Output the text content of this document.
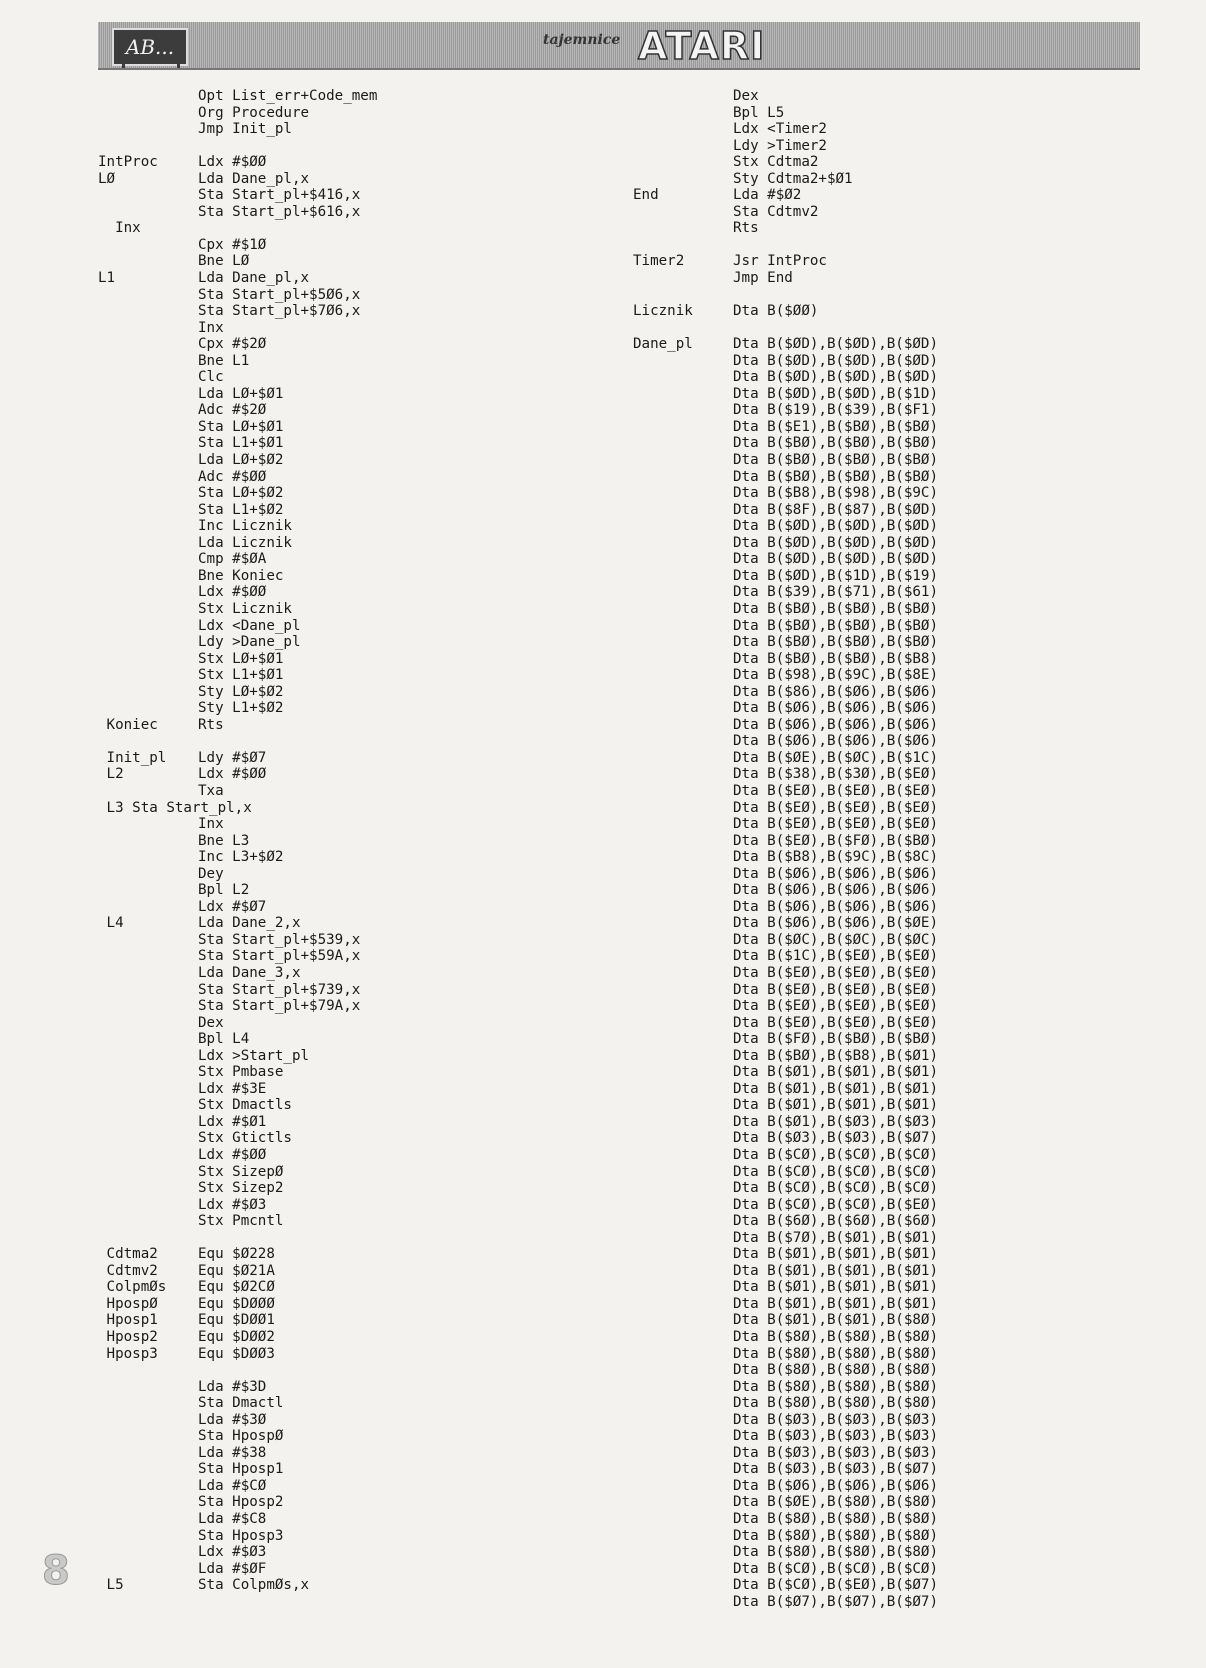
AB...	tajemnice ATARI
Opt List_err+Code_mem
Org Procedure
Jmp Init_pl
IntProc	Ldx #$ØØ
LØ	Lda Dane_pl,x
Sta Start_pl+$416,x
Sta Start_pl+$616,x
Inx
Cpx #$1Ø
Bne LØ
L1	Lda Dane_pl,x
Sta Start_pl+$5Ø6,x
Sta Start_pl+$7Ø6,x
Inx
Cpx #$2Ø
Bne L1
Clc
Lda LØ+$Ø1
Adc #$2Ø
Sta LØ+$Ø1
Sta L1+$Ø1
Lda LØ+$Ø2
Adc #$ØØ
Sta LØ+$Ø2
Sta L1+$Ø2
Inc Licznik
Lda Licznik
Cmp #$ØA
Bne Koniec
Ldx #$ØØ
Stx Licznik
Ldx <Dane_pl
Ldy >Dane_pl
Stx LØ+$Ø1
Stx L1+$Ø1
Sty LØ+$Ø2
Sty L1+$Ø2
Koniec	Rts
Init_pl Ldy #$Ø7
L2	Ldx #$ØØ
Txa
L3 Sta Start_pl,x
Inx
Bne L3
Inc L3+$Ø2
Dey
Bpl L2
Ldx #$Ø7
L4	Lda Dane_2,x
Sta Start_pl+$539,x
Sta Start_pl+$59A,x
Lda Dane_3,x
Sta Start_pl+$739,x
Sta Start_pl+$79A,x
Dex
Bpl L4
Ldx >Start_pl
Stx Pmbase
Ldx #$3E
Stx Dmactls
Ldx #$Ø1
Stx Gtictls
Ldx #$ØØ
Stx SizepØ
Stx Sizep2
Ldx #$Ø3
Stx Pmcntl
Cdtma2	Equ $Ø228
Cdtmv2	Equ $Ø21A
ColpmØs Equ $Ø2CØ
HpospØ	Equ $DØØØ
Hposp1	Equ $DØØ1
Hposp2	Equ $DØØ2
Hposp3	Equ $DØØ3
Lda #$3D
Sta Dmactl
Lda #$3Ø
Sta HpospØ
Lda #$38
Sta Hposp1
Lda #$CØ
Sta Hposp2
Lda #$C8
Sta Hposp3
Ldx #$Ø3
Lda #$ØF
L5	Sta ColpmØs,x
Dex
Bpl L5
Ldx <Timer2
Ldy >Timer2
Stx Cdtma2
Sty Cdtma2+$Ø1
End	Lda #$Ø2
Sta Cdtmv2
Rts
Timer2	Jsr IntProc
Jmp End
Licznik	Dta B($ØØ)
Dane_pl	Dta B($ØD),B($ØD),B($ØD)
Dta B($ØD),B($ØD),B($ØD)
Dta B($ØD),B($ØD),B($ØD)
Dta B($ØD),B($ØD),B($1D)
Dta B($19),B($39),B($F1)
Dta B($E1),B($BØ),B($BØ)
Dta B($BØ),B($BØ),B($BØ)
Dta B($BØ),B($BØ),B($BØ)
Dta B($BØ),B($BØ),B($BØ)
Dta B($B8),B($98),B($9C)
Dta B($8F),B($87),B($ØD)
Dta B($ØD),B($ØD),B($ØD)
Dta B($ØD),B($ØD),B($ØD)
Dta B($ØD),B($ØD),B($ØD)
Dta B($ØD),B($1D),B($19)
Dta B($39),B($71),B($61)
Dta B($BØ),B($BØ),B($BØ)
Dta B($BØ),B($BØ),B($BØ)
Dta B($BØ),B($BØ),B($BØ)
Dta B($BØ),B($BØ),B($B8)
Dta B($98),B($9C),B($8E)
Dta B($86),B($Ø6),B($Ø6)
Dta B($Ø6),B($Ø6),B($Ø6)
Dta B($Ø6),B($Ø6),B($Ø6)
Dta B($Ø6),B($Ø6),B($Ø6)
Dta B($ØE),B($ØC),B($1C)
Dta B($38),B($3Ø),B($EØ)
Dta B($EØ),B($EØ),B($EØ)
Dta B($EØ),B($EØ),B($EØ)
Dta B($EØ),B($EØ),B($EØ)
Dta B($EØ),B($FØ),B($BØ)
Dta B($B8),B($9C),B($8C)
Dta B($Ø6),B($Ø6),B($Ø6)
Dta B($Ø6),B($Ø6),B($Ø6)
Dta B($Ø6),B($Ø6),B($Ø6)
Dta B($Ø6),B($Ø6),B($ØE)
Dta B($ØC),B($ØC),B($ØC)
Dta B($1C),B($EØ),B($EØ)
Dta B($EØ),B($EØ),B($EØ)
Dta B($EØ),B($EØ),B($EØ)
Dta B($EØ),B($EØ),B($EØ)
Dta B($EØ),B($EØ),B($EØ)
Dta B($FØ),B($BØ),B($BØ)
Dta B($BØ),B($B8),B($Ø1)
Dta B($Ø1),B($Ø1),B($Ø1)
Dta B($Ø1),B($Ø1),B($Ø1)
Dta B($Ø1),B($Ø1),B($Ø1)
Dta B($Ø1),B($Ø3),B($Ø3)
Dta B($Ø3),B($Ø3),B($Ø7)
Dta B($CØ),B($CØ),B($CØ)
Dta B($CØ),B($CØ),B($CØ)
Dta B($CØ),B($CØ),B($CØ)
Dta B($CØ),B($CØ),B($EØ)
Dta B($6Ø),B($6Ø),B($6Ø)
Dta B($7Ø),B($Ø1),B($Ø1)
Dta B($Ø1),B($Ø1),B($Ø1)
Dta B($Ø1),B($Ø1),B($Ø1)
Dta B($Ø1),B($Ø1),B($Ø1)
Dta B($Ø1),B($Ø1),B($Ø1)
Dta B($Ø1),B($Ø1),B($8Ø)
Dta B($8Ø),B($8Ø),B($8Ø)
Dta B($8Ø),B($8Ø),B($8Ø)
Dta B($8Ø),B($8Ø),B($8Ø)
Dta B($8Ø),B($8Ø),B($8Ø)
Dta B($8Ø),B($8Ø),B($8Ø)
Dta B($Ø3),B($Ø3),B($Ø3)
Dta B($Ø3),B($Ø3),B($Ø3)
Dta B($Ø3),B($Ø3),B($Ø3)
Dta B($Ø3),B($Ø3),B($Ø7)
Dta B($Ø6),B($Ø6),B($Ø6)
Dta B($ØE),B($8Ø),B($8Ø)
Dta B($8Ø),B($8Ø),B($8Ø)
Dta B($8Ø),B($8Ø),B($8Ø)
Dta B($8Ø),B($8Ø),B($8Ø)
Dta B($CØ),B($CØ),B($CØ)
Dta B($CØ),B($EØ),B($Ø7)
Dta B($Ø7),B($Ø7),B($Ø7)
8
